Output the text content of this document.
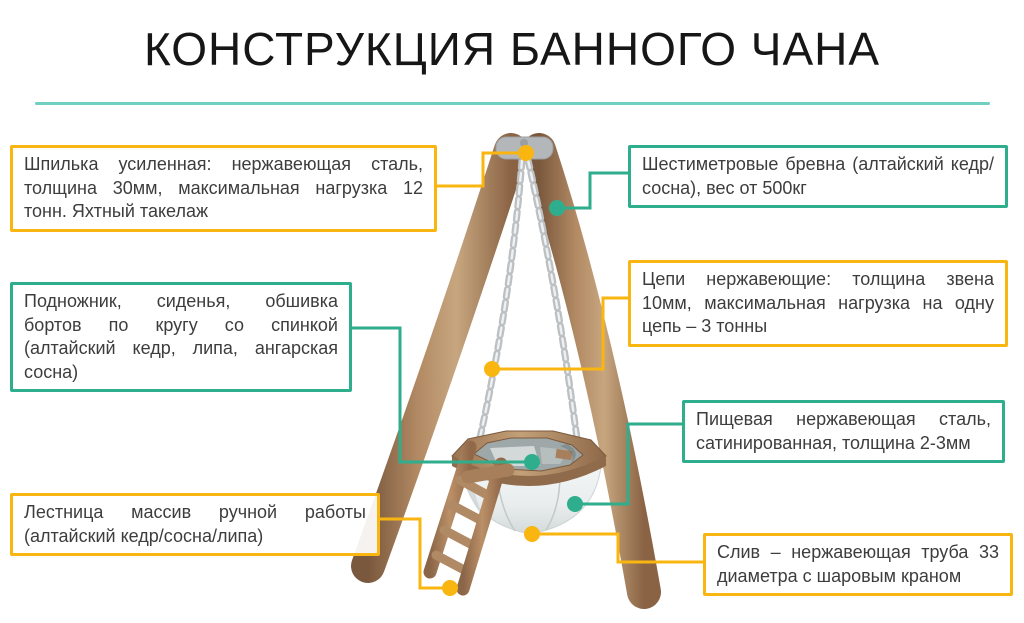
КОНСТРУКЦИЯ БАННОГО ЧАНА
Шпилька усиленная: нержавеющая сталь, толщина 30мм, максимальная нагрузка 12 тонн. Яхтный такелаж
Подножник, сиденья, обшивка бортов по кругу со спинкой (алтайский кедр, липа, ангарская сосна)
Лестница массив ручной работы (алтайский кедр/сосна/липа)
Шестиметровые бревна (алтайский кедр/сосна), вес от 500кг
Цепи нержавеющие: толщина звена 10мм, максимальная нагрузка на одну цепь – 3 тонны
Пищевая нержавеющая сталь, сатинированная, толщина 2-3мм
Слив – нержавеющая труба 33 диаметра с шаровым краном
